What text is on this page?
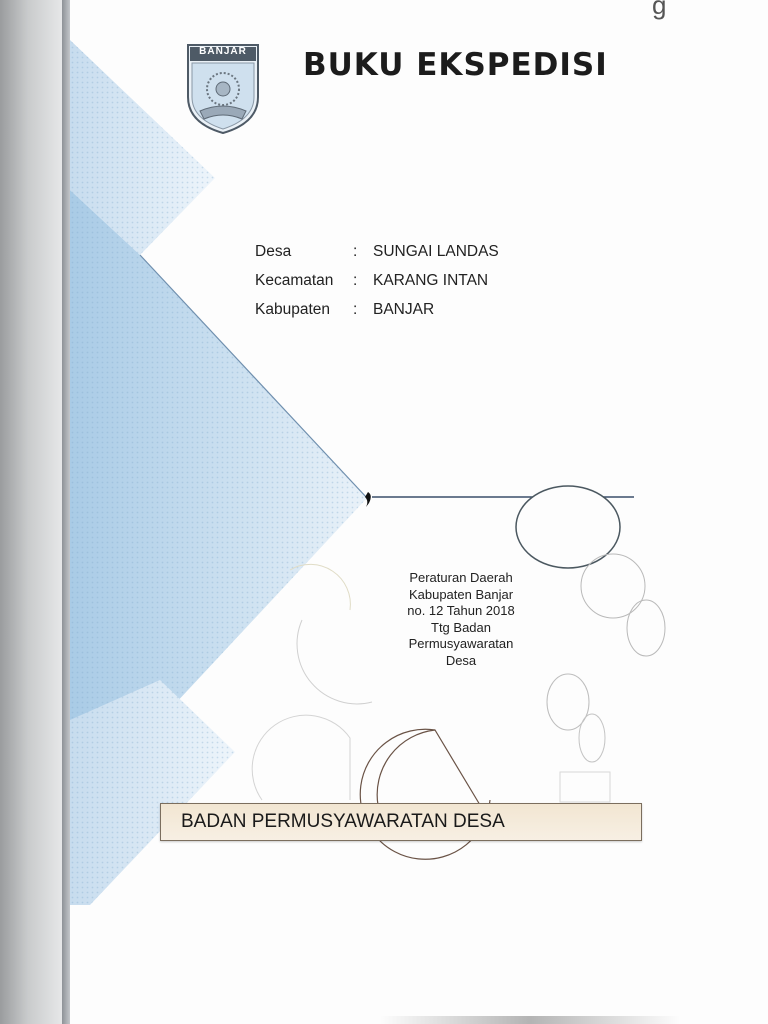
g
BANJAR	BUKU EKSPEDISI
Desa	: SUNGAI LANDAS
Kecamatan : KARANG INTAN
Kabupaten : BANJAR
Peraturan Daerah
Kabupaten Banjar
no. 12 Tahun 2018
Ttg Badan
Permusyawaratan
Desa
BADAN PERMUSYAWARATAN DESA
